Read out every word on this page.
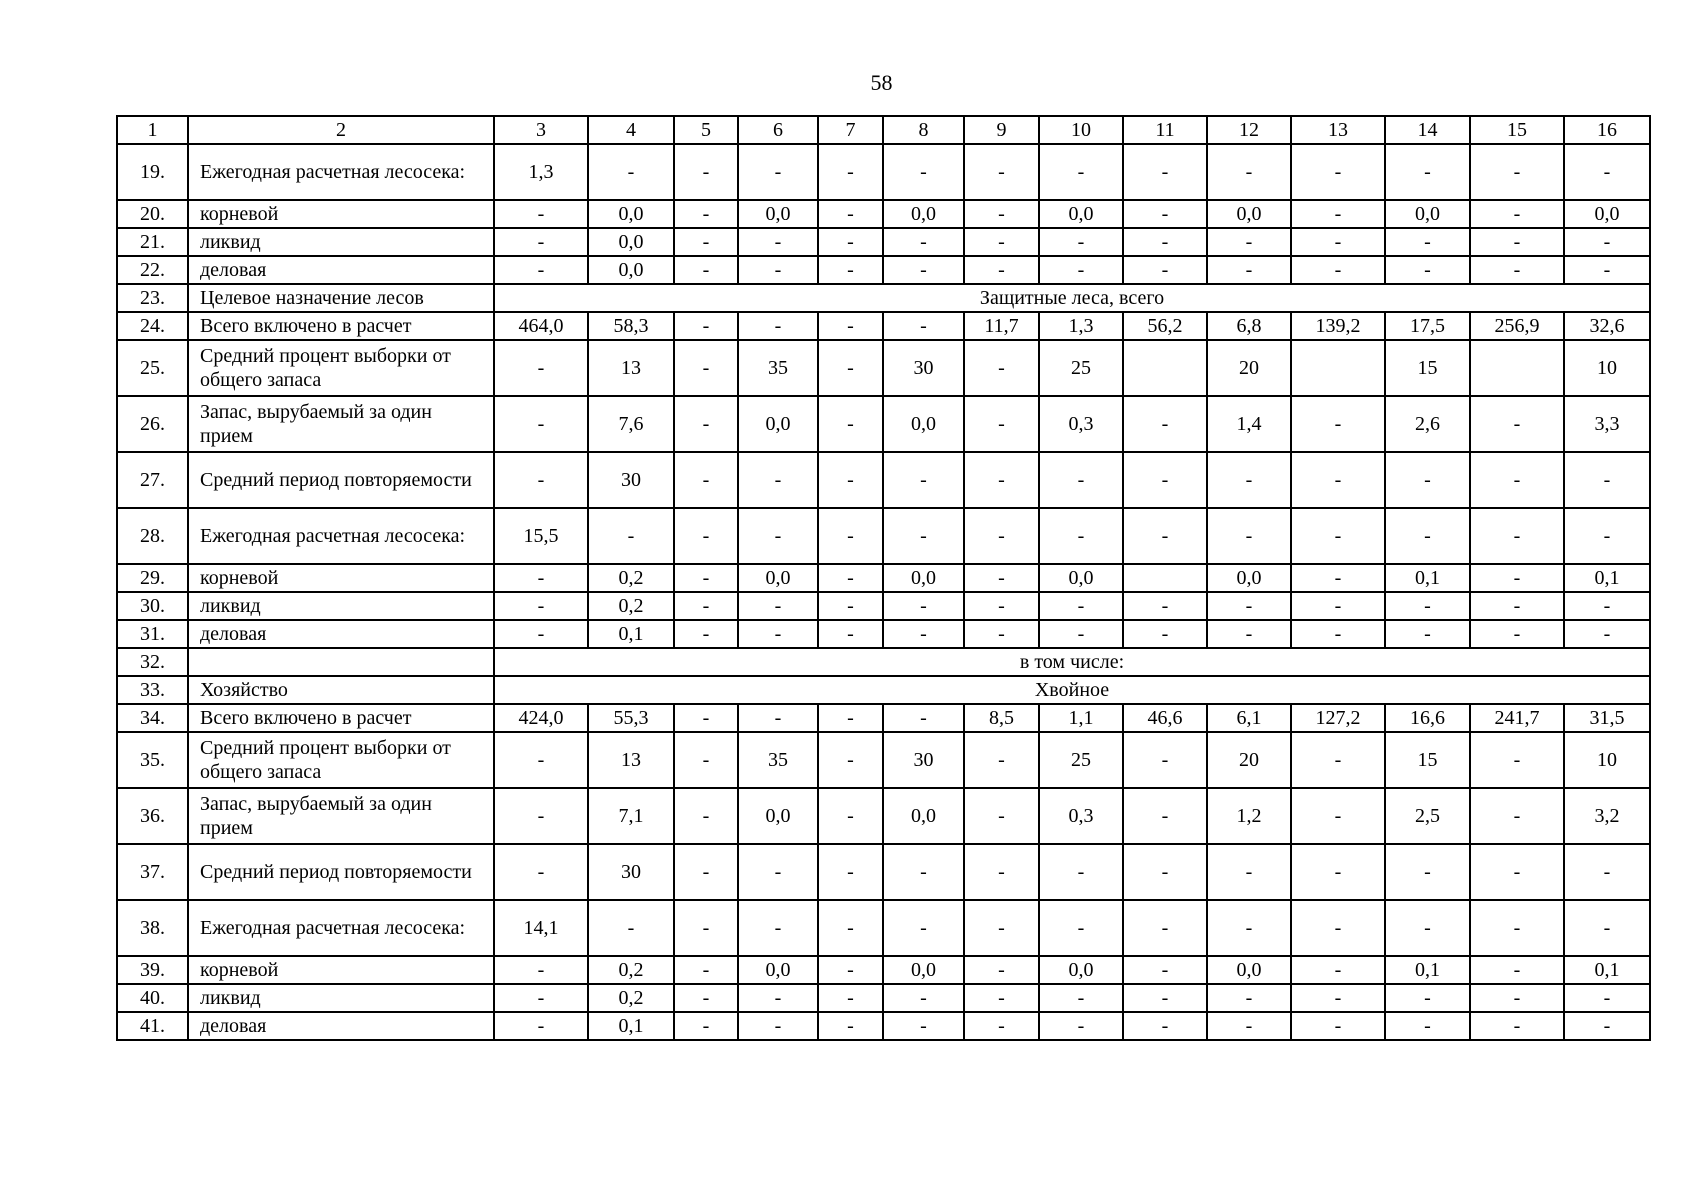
58
1	2	3	4	5	6	7	8	9	10	11	12	13	14	15	16
19.	Ежегодная расчетная лесосека:	1,3	-	-	-	-	-	-	-	-	-	-	-	-	-
20.	корневой	-	0,0	-	0,0	-	0,0	-	0,0	-	0,0	-	0,0	-	0,0
21.	ликвид	-	0,0	-	-	-	-	-	-	-	-	-	-	-	-
22.	деловая	-	0,0	-	-	-	-	-	-	-	-	-	-	-	-
23.	Целевое назначение лесов	Защитные леса, всего													
24.	Всего включено в расчет	464,0	58,3	-	-	-	-	11,7	1,3	56,2	6,8	139,2	17,5	256,9	32,6
25.	Средний процент выборки от общего запаса	-	13	-	35	-	30	-	25		20		15		10
26.	Запас, вырубаемый за один прием	-	7,6	-	0,0	-	0,0	-	0,3	-	1,4	-	2,6	-	3,3
27.	Средний период повторяемости	-	30	-	-	-	-	-	-	-	-	-	-	-	-
28.	Ежегодная расчетная лесосека:	15,5	-	-	-	-	-	-	-	-	-	-	-	-	-
29.	корневой	-	0,2	-	0,0	-	0,0	-	0,0		0,0	-	0,1	-	0,1
30.	ликвид	-	0,2	-	-	-	-	-	-	-	-	-	-	-	-
31.	деловая	-	0,1	-	-	-	-	-	-	-	-	-	-	-	-
32.		в том числе:													
33.	Хозяйство	Хвойное													
34.	Всего включено в расчет	424,0	55,3	-	-	-	-	8,5	1,1	46,6	6,1	127,2	16,6	241,7	31,5
35.	Средний процент выборки от общего запаса	-	13	-	35	-	30	-	25	-	20	-	15	-	10
36.	Запас, вырубаемый за один прием	-	7,1	-	0,0	-	0,0	-	0,3	-	1,2	-	2,5	-	3,2
37.	Средний период повторяемости	-	30	-	-	-	-	-	-	-	-	-	-	-	-
38.	Ежегодная расчетная лесосека:	14,1	-	-	-	-	-	-	-	-	-	-	-	-	-
39.	корневой	-	0,2	-	0,0	-	0,0	-	0,0	-	0,0	-	0,1	-	0,1
40.	ликвид	-	0,2	-	-	-	-	-	-	-	-	-	-	-	-
41.	деловая	-	0,1	-	-	-	-	-	-	-	-	-	-	-	-
